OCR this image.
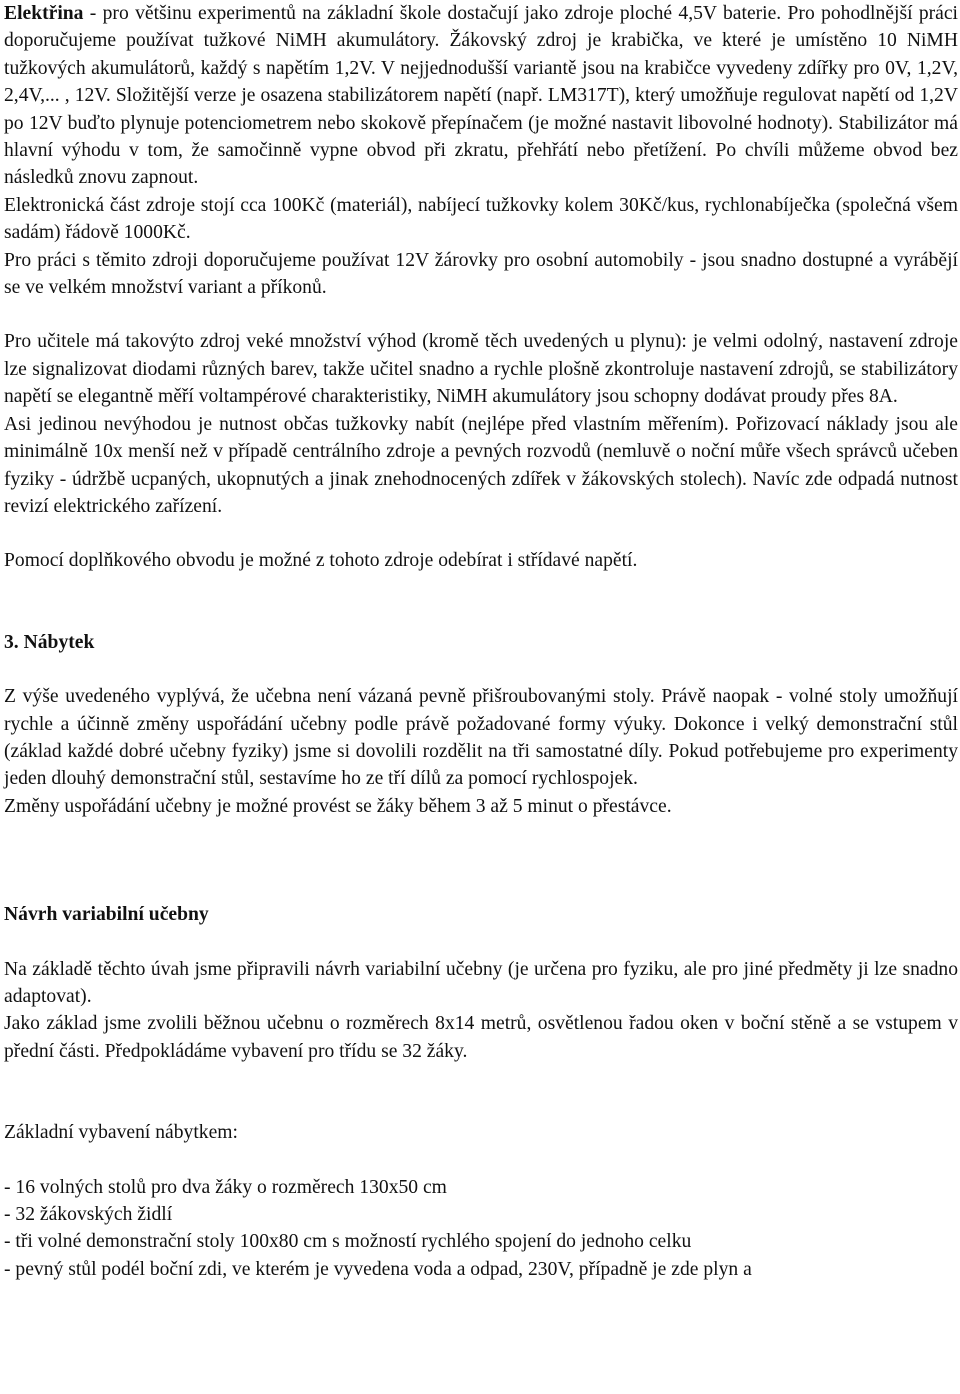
Elektřina - pro většinu experimentů na základní škole dostačují jako zdroje ploché 4,5V baterie. Pro pohodlnější práci doporučujeme používat tužkové NiMH akumulátory. Žákovský zdroj je krabička, ve které je umístěno 10 NiMH tužkových akumulátorů, každý s napětím 1,2V. V nejjednodušší variantě jsou na krabičce vyvedeny zdířky pro 0V, 1,2V, 2,4V,... , 12V. Složitější verze je osazena stabilizátorem napětí (např. LM317T), který umožňuje regulovat napětí od 1,2V po 12V buďto plynuje potenciometrem nebo skokově přepínačem (je možné nastavit libovolné hodnoty). Stabilizátor má hlavní výhodu v tom, že samočinně vypne obvod při zkratu, přehřátí nebo přetížení. Po chvíli můžeme obvod bez následků znovu zapnout.

Elektronická část zdroje stojí cca 100Kč (materiál), nabíjecí tužkovky kolem 30Kč/kus, rychlonabíječka (společná všem sadám) řádově 1000Kč.

Pro práci s těmito zdroji doporučujeme používat 12V žárovky pro osobní automobily - jsou snadno dostupné a vyrábějí se ve velkém množství variant a příkonů.

Pro učitele má takovýto zdroj veké množství výhod (kromě těch uvedených u plynu): je velmi odolný, nastavení zdroje lze signalizovat diodami různých barev, takže učitel snadno a rychle plošně zkontroluje nastavení zdrojů, se stabilizátory napětí se elegantně měří voltampérové charakteristiky, NiMH akumulátory jsou schopny dodávat proudy přes 8A.

Asi jedinou nevýhodou je nutnost občas tužkovky nabít (nejlépe před vlastním měřením). Pořizovací náklady jsou ale minimálně 10x menší než v případě centrálního zdroje a pevných rozvodů (nemluvě o noční můře všech správců učeben fyziky - údržbě ucpaných, ukopnutých a jinak znehodnocených zdířek v žákovských stolech). Navíc zde odpadá nutnost revizí elektrického zařízení.

Pomocí doplňkového obvodu je možné z tohoto zdroje odebírat i střídavé napětí.

3. Nábytek

Z výše uvedeného vyplývá, že učebna není vázaná pevně přišroubovanými stoly. Právě naopak - volné stoly umožňují rychle a účinně změny uspořádání učebny podle právě požadované formy výuky. Dokonce i velký demonstrační stůl (základ každé dobré učebny fyziky) jsme si dovolili rozdělit na tři samostatné díly. Pokud potřebujeme pro experimenty jeden dlouhý demonstrační stůl, sestavíme ho ze tří dílů za pomocí rychlospojek.

Změny uspořádání učebny je možné provést se žáky během 3 až 5 minut o přestávce.

Návrh variabilní učebny

Na základě těchto úvah jsme připravili návrh variabilní učebny (je určena pro fyziku, ale pro jiné předměty ji lze snadno adaptovat).

Jako základ jsme zvolili běžnou učebnu o rozměrech 8x14 metrů, osvětlenou řadou oken v boční stěně a se vstupem v přední části. Předpokládáme vybavení pro třídu se 32 žáky.

Základní vybavení nábytkem:

- 16 volných stolů pro dva žáky o rozměrech 130x50 cm

- 32 žákovských židlí

- tři volné demonstrační stoly 100x80 cm s možností rychlého spojení do jednoho celku

- pevný stůl podél boční zdi, ve kterém je vyvedena voda a odpad, 230V, případně je zde plyn a
